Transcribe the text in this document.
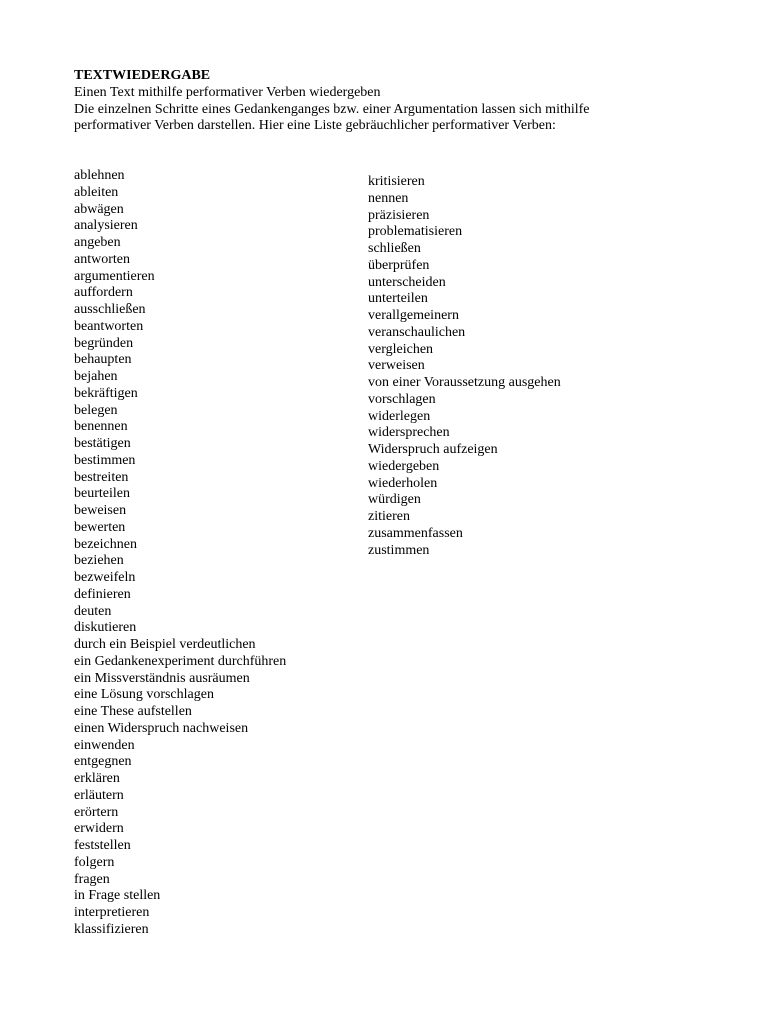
TEXTWIEDERGABE
Einen Text mithilfe performativer Verben wiedergeben
Die einzelnen Schritte eines Gedankenganges bzw. einer Argumentation lassen sich mithilfe
performativer Verben darstellen. Hier eine Liste gebräuchlicher performativer Verben:
ablehnen
ableiten
abwägen
analysieren
angeben
antworten
argumentieren
auffordern
ausschließen
beantworten
begründen
behaupten
bejahen
bekräftigen
belegen
benennen
bestätigen
bestimmen
bestreiten
beurteilen
beweisen
bewerten
bezeichnen
beziehen
bezweifeln
definieren
deuten
diskutieren
durch ein Beispiel verdeutlichen
ein Gedankenexperiment durchführen
ein Missverständnis ausräumen
eine Lösung vorschlagen
eine These aufstellen
einen Widerspruch nachweisen
einwenden
entgegnen
erklären
erläutern
erörtern
erwidern
feststellen
folgern
fragen
in Frage stellen
interpretieren
klassifizieren
kritisieren
nennen
präzisieren
problematisieren
schließen
überprüfen
unterscheiden
unterteilen
verallgemeinern
veranschaulichen
vergleichen
verweisen
von einer Voraussetzung ausgehen
vorschlagen
widerlegen
widersprechen
Widerspruch aufzeigen
wiedergeben
wiederholen
würdigen
zitieren
zusammenfassen
zustimmen
